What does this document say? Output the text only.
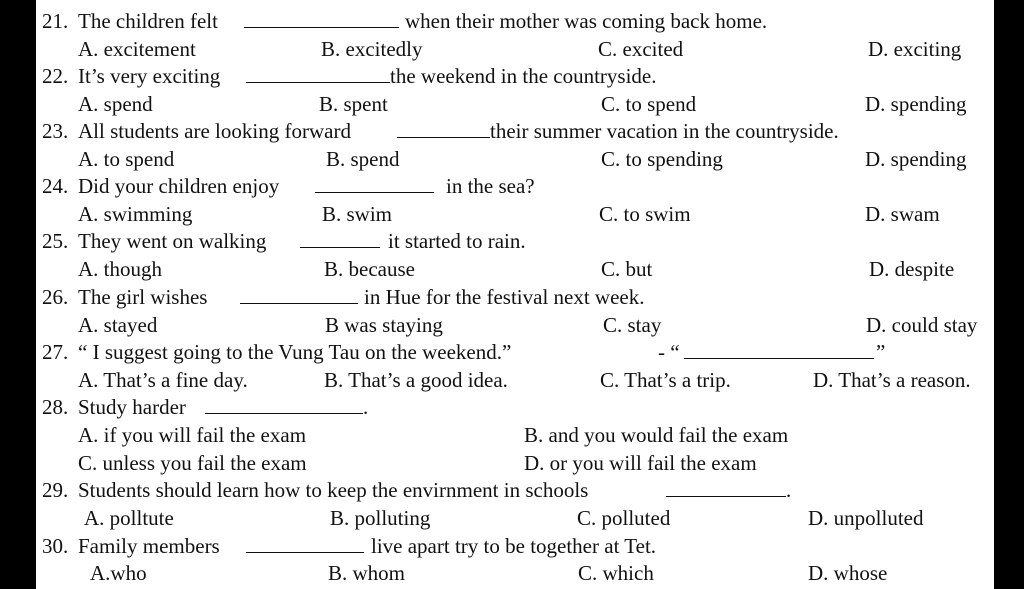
21. The children felt	when their mother was coming back home.
A. excitement	B. excitedly	C. excited	D. exciting
22. It’s very exciting	the weekend in the countryside.
A. spend	B. spent	C. to spend	D. spending
23. All students are looking forward	their summer vacation in the countryside.
A. to spend	B. spend	C. to spending	D. spending
24. Did your children enjoy	in the sea?
A. swimming	B. swim	C. to swim	D. swam
25. They went on walking	it started to rain.
A. though	B. because	C. but	D. despite
26. The girl wishes	in Hue for the festival next week.
A. stayed	B was staying	C. stay	D. could stay
27. “ I suggest going to the Vung Tau on the weekend.”	- “	”
A. That’s a fine day.	B. That’s a good idea.	C. That’s a trip.	D. That’s a reason.
28. Study harder	.
A. if you will fail the exam	B. and you would fail the exam
C. unless you fail the exam	D. or you will fail the exam
29. Students should learn how to keep the envirnment in schools	.
A. polltute	B. polluting	C. polluted	D. unpolluted
30. Family members	live apart try to be together at Tet.
A.who	B. whom	C. which	D. whose
